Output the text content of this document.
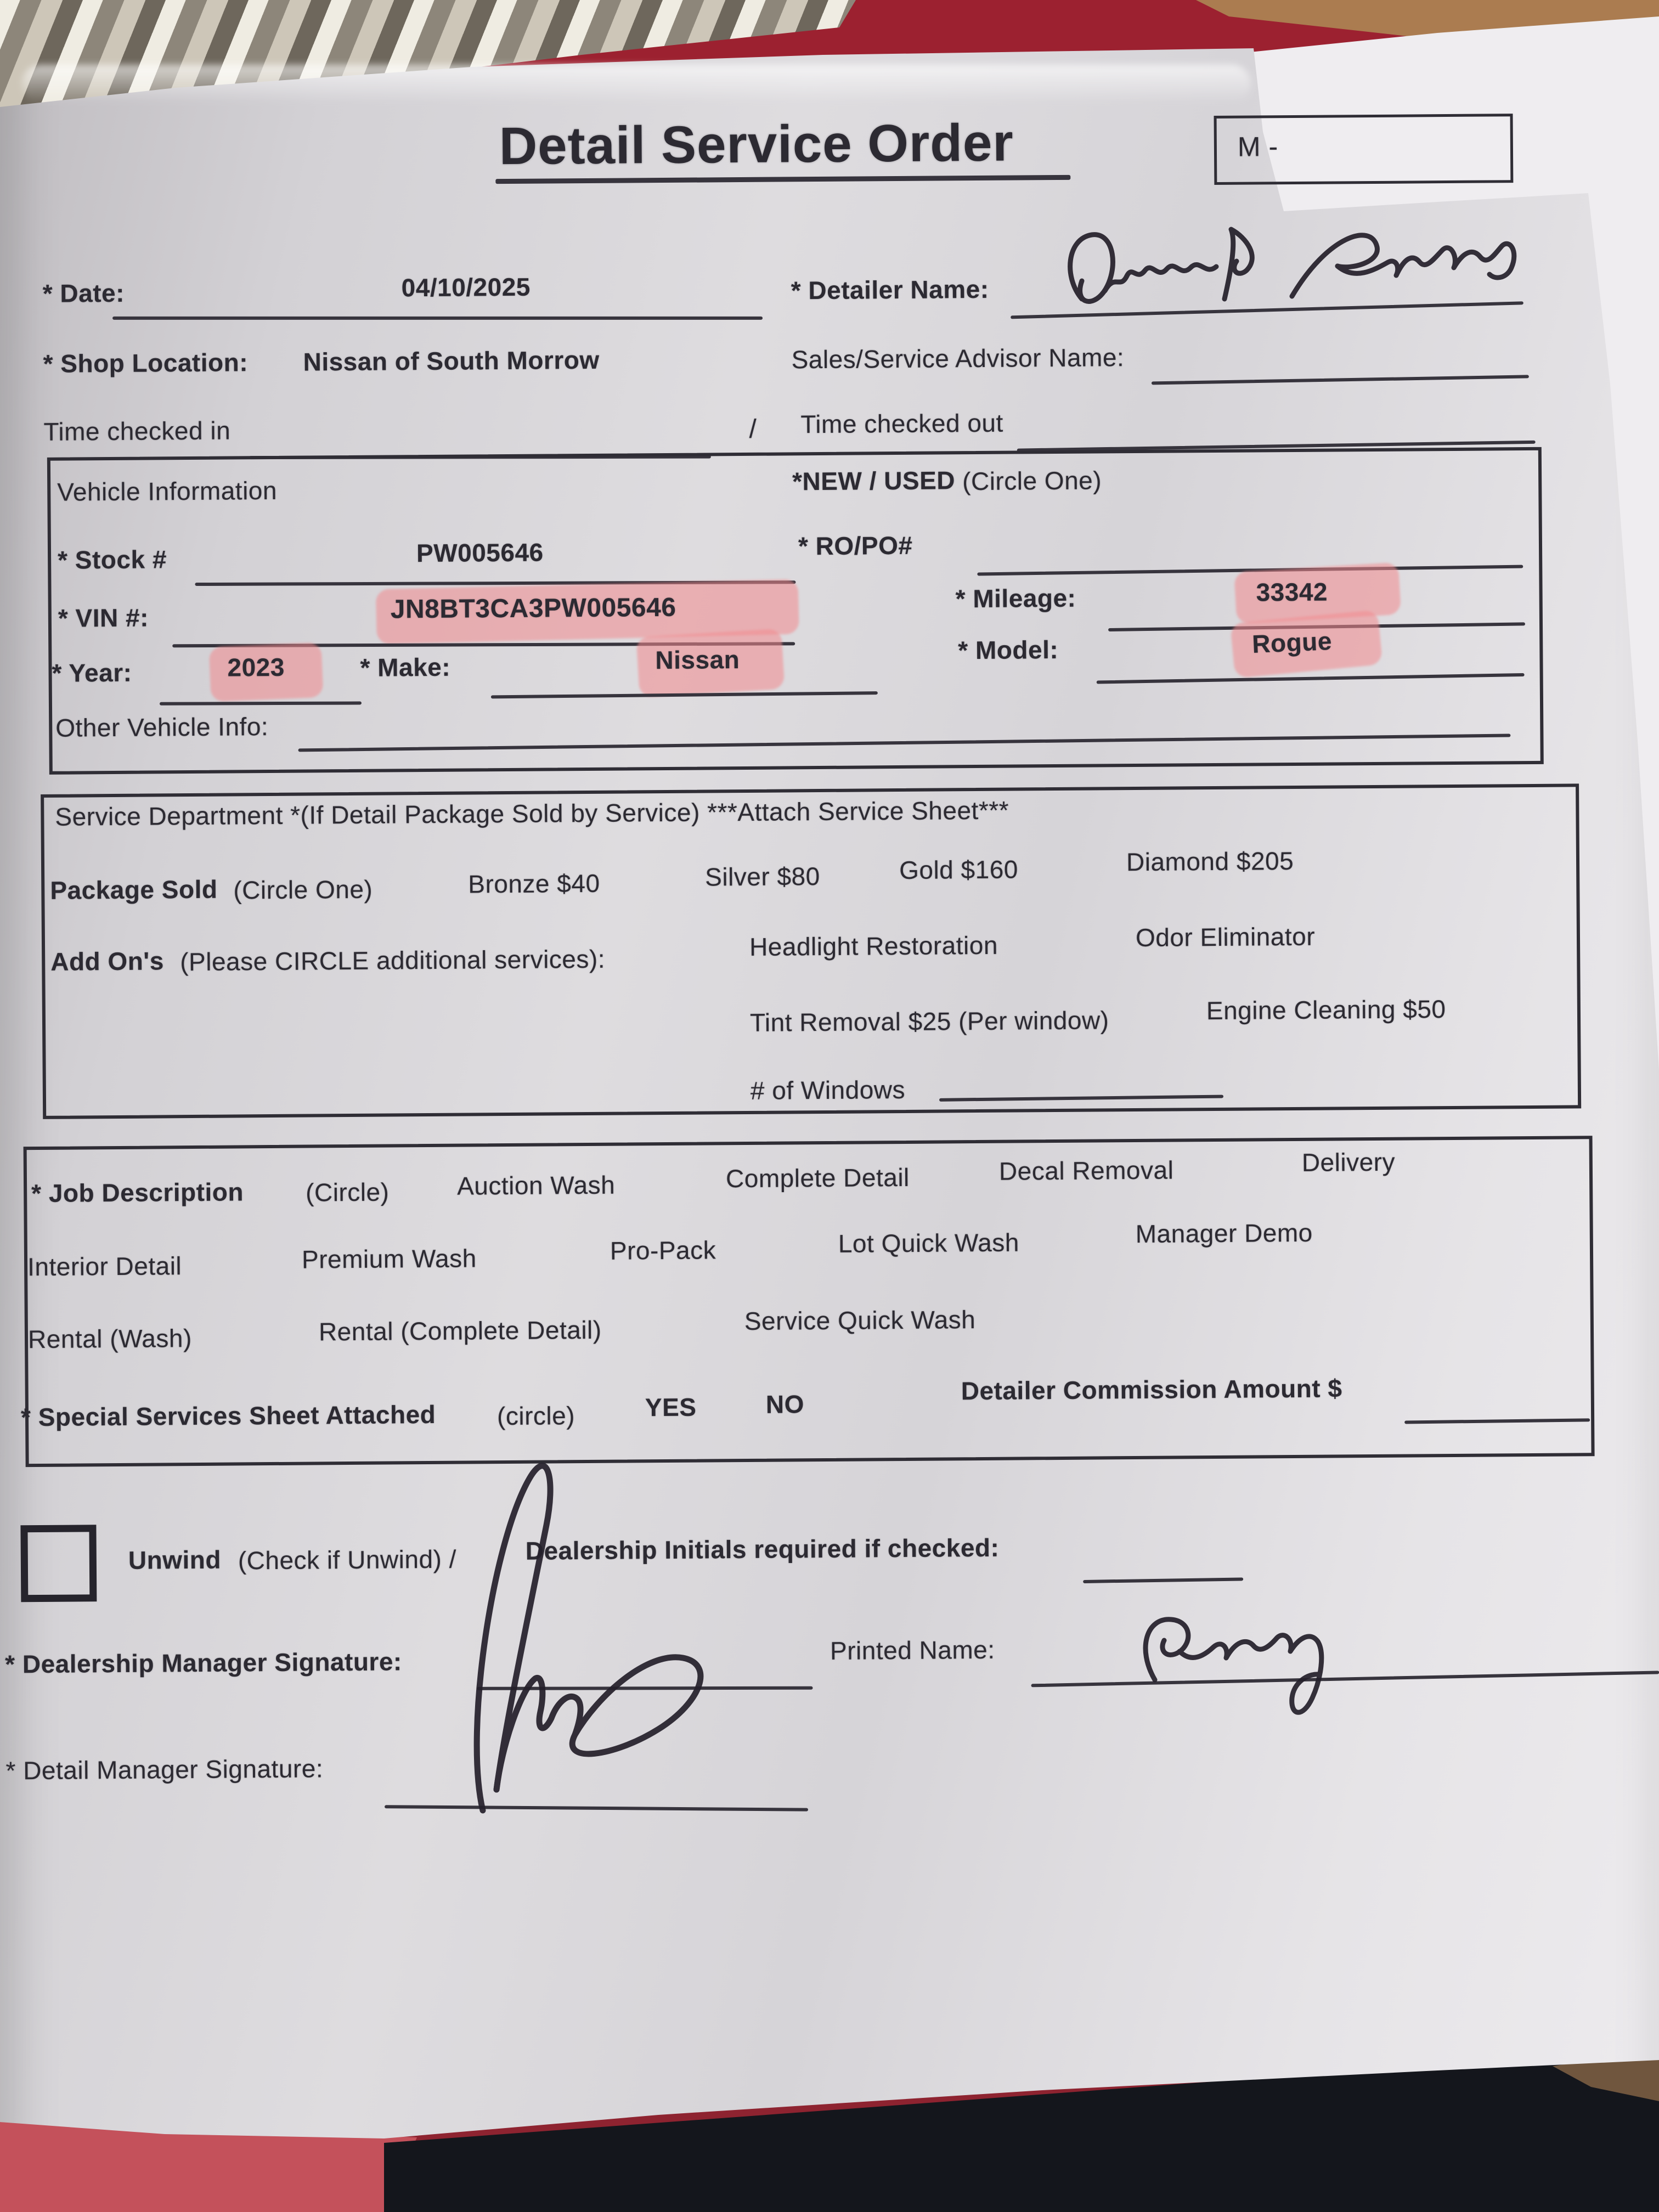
Detail Service Order	M -
* Date:	04/10/2025	* Detailer Name:
* Shop Location: Nissan of South Morrow	Sales/Service Advisor Name:
Time checked in	/ Time checked out
Vehicle Information	*NEW / USED (Circle One)
* Stock #	PW005646	* RO/PO#
* VIN #:	JN8BT3CA3PW005646	* Mileage:	33342
* Year:	2023	* Make:	Nissan	* Model:	Rogue
Other Vehicle Info:
Service Department *(If Detail Package Sold by Service) ***Attach Service Sheet***
Package Sold (Circle One)	Bronze $40	Silver $80	Gold $160	Diamond $205
Add On's (Please CIRCLE additional services):	Headlight Restoration	Odor Eliminator
Tint Removal $25 (Per window)	Engine Cleaning $50
# of Windows
* Job Description (Circle)	Auction Wash	Complete Detail	Decal Removal	Delivery
Interior Detail	Premium Wash	Pro-Pack	Lot Quick Wash	Manager Demo
Rental (Wash)	Rental (Complete Detail)	Service Quick Wash
* Special Services Sheet Attached (circle)	YES	NO	Detailer Commission Amount $
Unwind (Check if Unwind) /	Dealership Initials required if checked:
* Dealership Manager Signature:	Printed Name:
* Detail Manager Signature:
